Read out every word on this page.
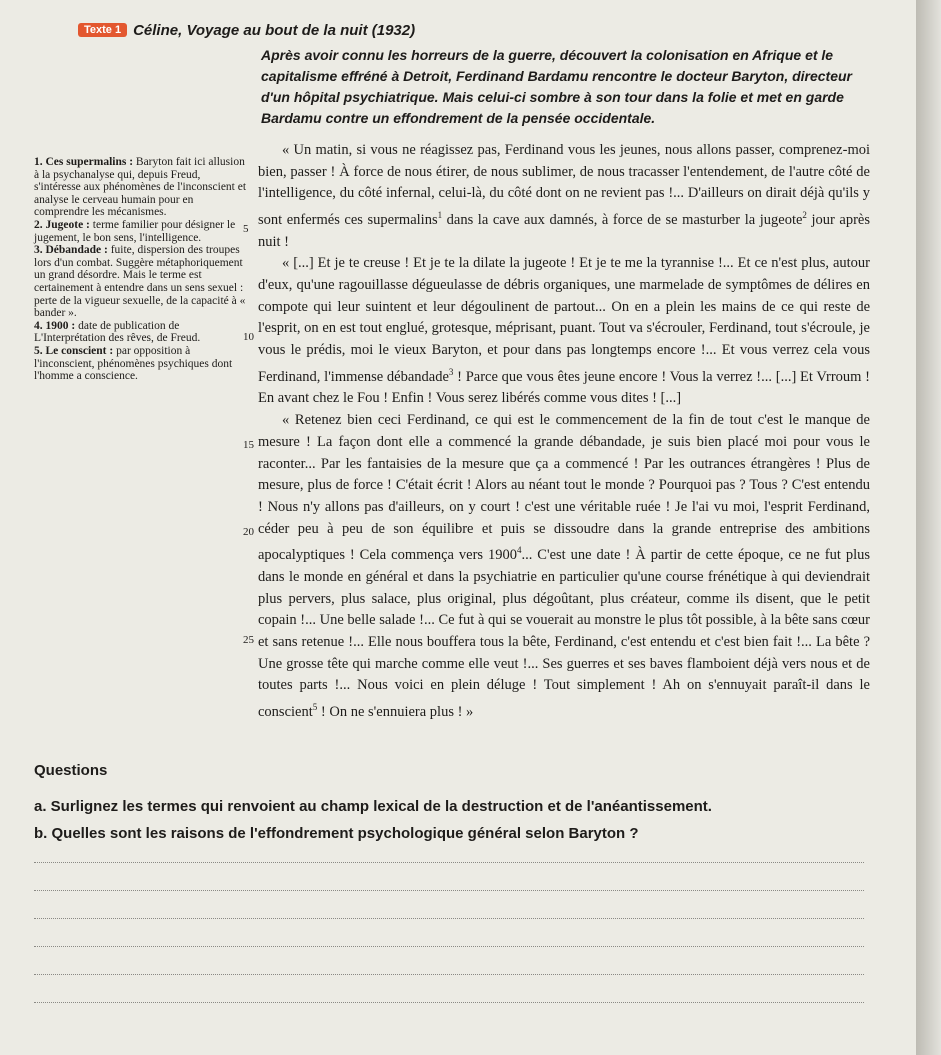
Texte 1 Céline, Voyage au bout de la nuit (1932)
Après avoir connu les horreurs de la guerre, découvert la colonisation en Afrique et le capitalisme effréné à Detroit, Ferdinand Bardamu rencontre le docteur Baryton, directeur d'un hôpital psychiatrique. Mais celui-ci sombre à son tour dans la folie et met en garde Bardamu contre un effondrement de la pensée occidentale.

« Un matin, si vous ne réagissez pas, Ferdinand vous les jeunes, nous allons passer, comprenez-moi bien, passer ! À force de nous étirer, de nous sublimer, de nous tracasser l'entendement, de l'autre côté de l'intelligence, du côté infernal, celui-là, du côté dont on ne revient pas !... D'ailleurs on dirait déjà qu'ils y sont enfermés ces supermalins$^1$ dans la cave aux damnés, à force de se masturber la jugeote$^2$ jour après nuit !

« [...] Et je te creuse ! Et je te la dilate la jugeote ! Et je te me la tyrannise !... Et ce n'est plus, autour d'eux, qu'une ragouillasse dégueulasse de débris organiques, une marmelade de symptômes de délires en compote qui leur suintent et leur dégoulinent de partout... On en a plein les mains de ce qui reste de l'esprit, on en est tout englué, grotesque, méprisant, puant. Tout va s'écrouler, Ferdinand, tout s'écroule, je vous le prédis, moi le vieux Baryton, et pour dans pas longtemps encore !... Et vous verrez cela vous Ferdinand, l'immense débandade$^3$ ! Parce que vous êtes jeune encore ! Vous la verrez !... [...] Et Vrroum ! En avant chez le Fou ! Enfin ! Vous serez libérés comme vous dites ! [...]

« Retenez bien ceci Ferdinand, ce qui est le commencement de la fin de tout c'est le manque de mesure ! La façon dont elle a commencé la grande débandade, je suis bien placé moi pour vous le raconter... Par les fantaisies de la mesure que ça a commencé ! Par les outrances étrangères ! Plus de mesure, plus de force ! C'était écrit ! Alors au néant tout le monde ? Pourquoi pas ? Tous ? C'est entendu ! Nous n'y allons pas d'ailleurs, on y court ! c'est une véritable ruée ! Je l'ai vu moi, l'esprit Ferdinand, céder peu à peu de son équilibre et puis se dissoudre dans la grande entreprise des ambitions apocalyptiques ! Cela commença vers 1900$^4$... C'est une date ! À partir de cette époque, ce ne fut plus dans le monde en général et dans la psychiatrie en particulier qu'une course frénétique à qui deviendrait plus pervers, plus salace, plus original, plus dégoûtant, plus créateur, comme ils disent, que le petit copain !... Une belle salade !... Ce fut à qui se vouerait au monstre le plus tôt possible, à la bête sans cœur et sans retenue !... Elle nous bouffera tous la bête, Ferdinand, c'est entendu et c'est bien fait !... La bête ? Une grosse tête qui marche comme elle veut !... Ses guerres et ses baves flamboient déjà vers nous et de toutes parts !... Nous voici en plein déluge ! Tout simplement ! Ah on s'ennuyait paraît-il dans le conscient$^5$ ! On ne s'ennuiera plus ! »

5
10
15
20
25

1. Ces supermalins : Baryton fait ici allusion à la psychanalyse qui, depuis Freud, s'intéresse aux phénomènes de l'inconscient et analyse le cerveau humain pour en comprendre les mécanismes.

2. Jugeote : terme familier pour désigner le jugement, le bon sens, l'intelligence.

3. Débandade : fuite, dispersion des troupes lors d'un combat. Suggère métaphoriquement un grand désordre. Mais le terme est certainement à entendre dans un sens sexuel : perte de la vigueur sexuelle, de la capacité à « bander ».

4. 1900 : date de publication de L'Interprétation des rêves, de Freud.

5. Le conscient : par opposition à l'inconscient, phénomènes psychiques dont l'homme a conscience.

Questions
a. Surlignez les termes qui renvoient au champ lexical de la destruction et de l'anéantissement.
b. Quelles sont les raisons de l'effondrement psychologique général selon Baryton ?
